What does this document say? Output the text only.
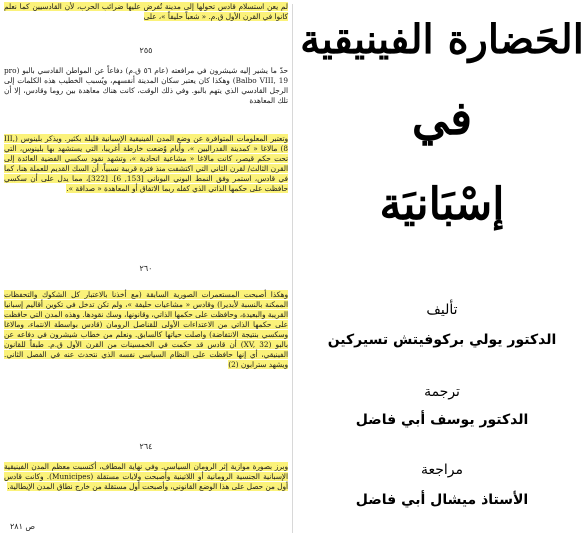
لم يعن استسلام قادس تحولها إلى مدينة تُفرض عليها ضرائب الحرب، لأن القادسيين كما نعلم كانوا في القرن الأول ق.م. « شعباً حليفاً »، على

٢٥٥

حدّ ما يشير إليه شيشرون في مرافعته (عام ٥٦ ق.م) دفاعاً عن المواطن القادسي بالبو (pro Balbo VIII, 19) وهكذا كان يعتبر سكان المدينة أنفسهم، ويُسبب الخطيب هذه الكلمات إلى الرجل القادسي الذي يتهم بالبو. وفي ذلك الوقت، كانت هناك معاهدة بين روما وقادس، إلا أن تلك المعاهدة

وتعتبر المعلومات المتوافرة عن وضع المدن الفينيقية الإسبانية قليلة بكثير. ويذكر بلينوس (III, 8) مالاغا « كمدينة الفدراليين »، وأيام وُضعت خارطة أغريبا، التي يستشهد بها بلينوس، التي تحت حكم قيصر، كانت مالاغا « مشاعية اتحادية »، وتشهد نقود سكسي الفضية العائدة إلى القرن الثالث/ لقرن الثاني التي اكتشفت منذ فترة قريبة نسبياً، أن السك القديم للعملة هنا، كما في قادس، استمر وفق النمط البوني اليوناني [153, 6]. [322]، مما يدل على أن سكسي حافظت على حكمها الذاتي الذي كفله ربما الاتفاق أو المعاهدة « صداقة ».

٢٦٠

وهكذا أصبحت المستعمرات الصورية السابقة (مع أخذنا بالاعتبار كل الشكوك والتحفظات الممكنة بالنسبة لأبديرا) وقادس « مشاعيات حليفة »، ولم تكن تدخل في تكوين أقاليم إسبانيا القريبة والبعيدة، وحافظت على حكمها الذاتي، وقانونها، وسك نقودها. وهذه المدن التي حافظت على حكمها الذاتي من الاعتداءات الأولى للقناصل الرومان (قادس بواسطة الانتماء، ومالاغا وسكسي بنتيجة الانتفاضة) واصلت حياتها كالسابق. ونعلم من خطاب شيشرون في دفاعه عن بالبو (XV, 32) أن قادس قد حكمت في الخمسينات من القرن الأول ق.م. طبقاً للقانون الفينيقي، أي إنها حافظت على النظام السياسي نفسه الذي نتحدث عنه في الفصل الثاني. ويشهد سترابون (2)

٢٦٤

وبرز بصورة موازية إثر الرومان السياسي. وفي نهاية المطاف، أكتسبت معظم المدن الفينيقية الإسبانية الجنسية الرومانية أو اللاتينية وأصبحت ولايات مستقلة (Municipes). وكانت قادس أول من حصل على هذا الوضع القانوني، وأصبحت أول مستقلة من خارج نطاق المدن الإيطالية.

ص ٢٨١
الحَضارة الفينيقية
في
إسْبَانيَة
تأليف
الدكتور يولي بركوفيتش تسيركين
ترجمة
الدكتور يوسف أبي فاضل
مراجعة
الأستاذ ميشال أبي فاضل
